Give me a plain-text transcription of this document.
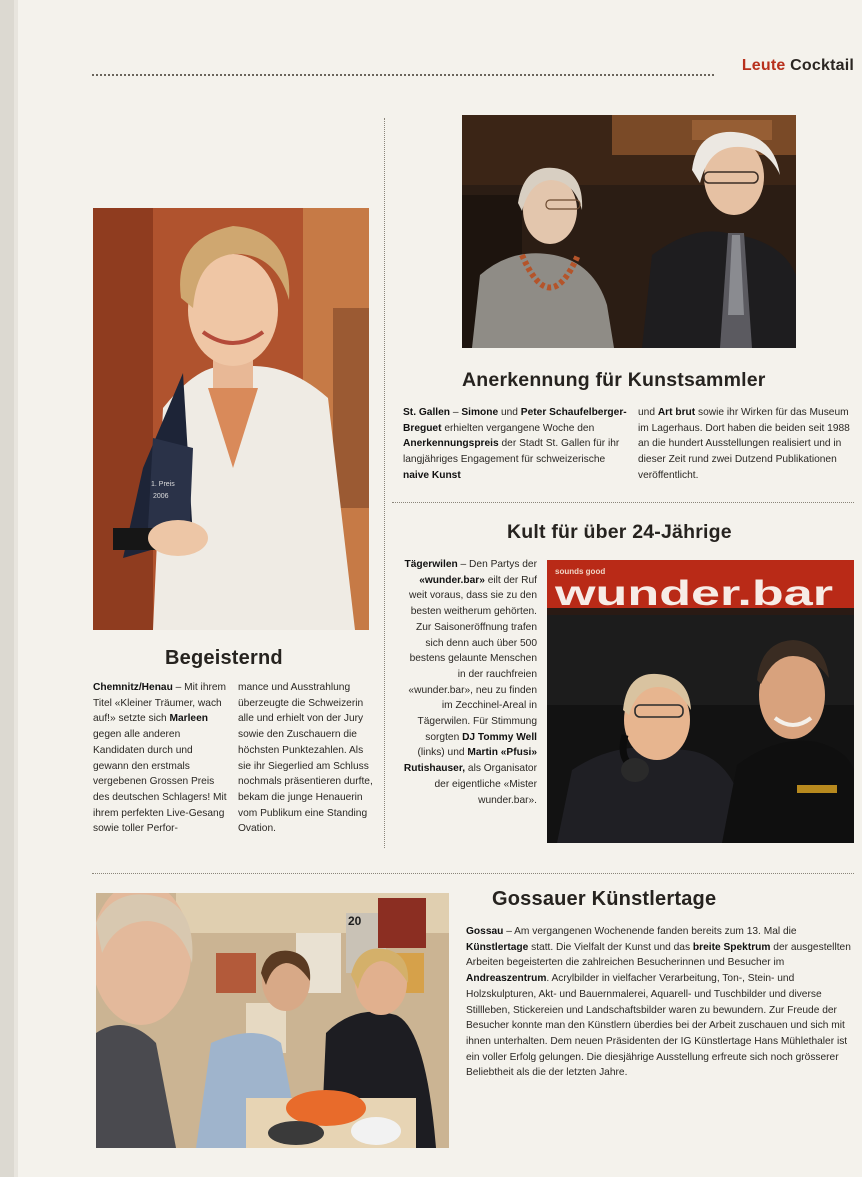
Leute Cocktail
Anerkennung für Kunstsammler

St. Gallen – Simone und Peter Schaufelberger-Breguet erhielten vergangene Woche den Anerkennungspreis der Stadt St. Gallen für ihr langjähriges Engagement für schweizerische naive Kunst

und Art brut sowie ihr Wirken für das Museum im Lagerhaus. Dort haben die beiden seit 1988 an die hundert Ausstellungen realisiert und in dieser Zeit rund zwei Dutzend Publikationen veröffentlicht.

1. Preis
2006
Begeisternd

Chemnitz/Henau – Mit ihrem Titel «Kleiner Träumer, wach auf!» setzte sich Marleen gegen alle anderen Kandidaten durch und gewann den erstmals vergebenen Grossen Preis des deutschen Schlagers! Mit ihrem perfekten Live-Gesang sowie toller Perfor-

mance und Ausstrahlung überzeugte die Schweizerin alle und erhielt von der Jury sowie den Zuschauern die höchsten Punktezahlen. Als sie ihr Siegerlied am Schluss nochmals präsentieren durfte, bekam die junge Henauerin vom Publikum eine Standing Ovation.

Kult für über 24-Jährige

Tägerwilen – Den Partys der «wunder.bar» eilt der Ruf weit voraus, dass sie zu den besten weitherum gehörten. Zur Saisoneröffnung trafen sich denn auch über 500 bestens gelaunte Menschen in der rauchfreien «wunder.bar», neu zu finden im Zecchinel-Areal in Tägerwilen. Für Stimmung sorgten DJ Tommy Well (links) und Martin «Pfusi» Rutishauser, als Organisator der eigentliche «Mister wunder.bar».

sounds good
wunder.bar
20
Gossauer Künstlertage

Gossau – Am vergangenen Wochenende fanden bereits zum 13. Mal die Künstlertage statt. Die Vielfalt der Kunst und das breite Spektrum der ausgestellten Arbeiten begeisterten die zahlreichen Besucherinnen und Besucher im Andreaszentrum. Acrylbilder in vielfacher Verarbeitung, Ton-, Stein- und Holzskulpturen, Akt- und Bauernmalerei, Aquarell- und Tuschbilder und diverse Stillleben, Stickereien und Landschaftsbilder waren zu bewundern. Zur Freude der Besucher konnte man den Künstlern überdies bei der Arbeit zuschauen und sich mit ihnen unterhalten. Dem neuen Präsidenten der IG Künstlertage Hans Mühlethaler ist ein voller Erfolg gelungen. Die diesjährige Ausstellung erfreute sich noch grösserer Beliebtheit als die der letzten Jahre.
